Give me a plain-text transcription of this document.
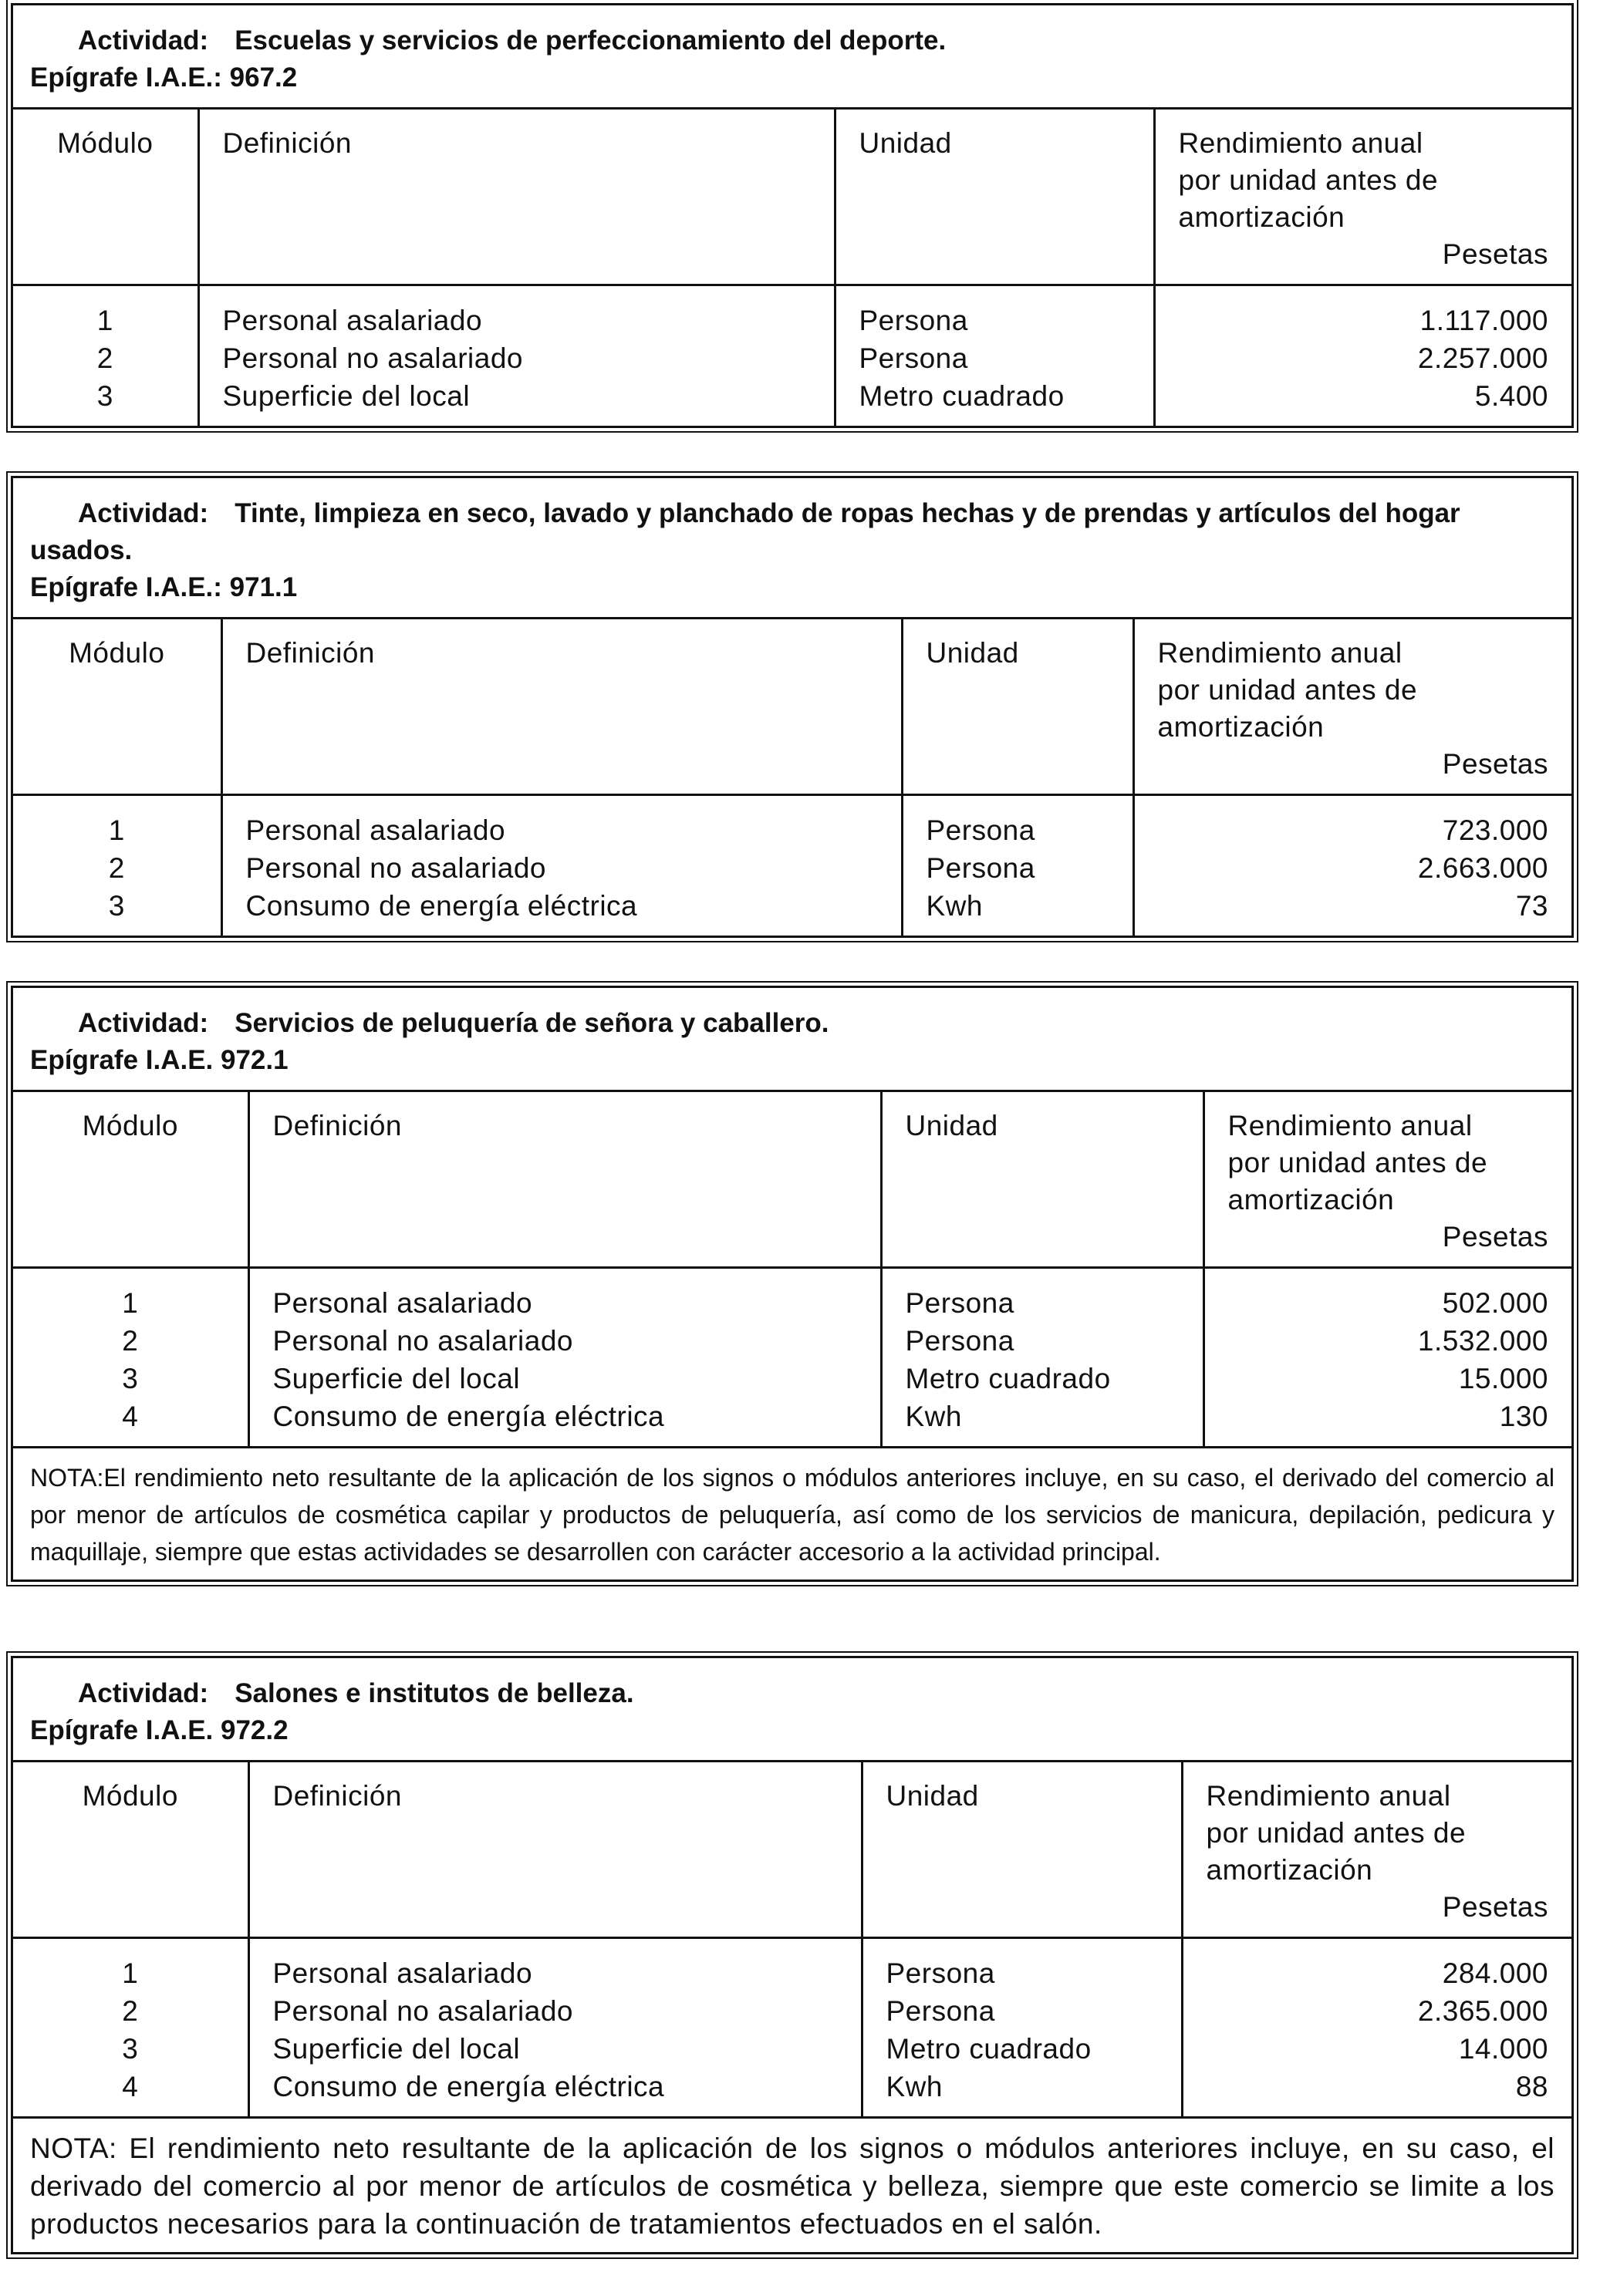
Actividad: Escuelas y servicios de perfeccionamiento del deporte.
Epígrafe I.A.E.: 967.2
Módulo	Definición	Unidad	Rendimiento anual
por unidad antes de
amortización
Pesetas

1	Personal asalariado	Persona	1.117.000
2	Personal no asalariado	Persona	2.257.000
3	Superficie del local	Metro cuadrado	5.400
Actividad: Tinte, limpieza en seco, lavado y planchado de ropas hechas y de prendas y artículos del hogar usados.
Epígrafe I.A.E.: 971.1
Módulo	Definición	Unidad	Rendimiento anual
por unidad antes de
amortización
Pesetas

1	Personal asalariado	Persona	723.000
2	Personal no asalariado	Persona	2.663.000
3	Consumo de energía eléctrica	Kwh	73
Actividad: Servicios de peluquería de señora y caballero.
Epígrafe I.A.E. 972.1
Módulo	Definición	Unidad	Rendimiento anual
por unidad antes de
amortización
Pesetas

1	Personal asalariado	Persona	502.000
2	Personal no asalariado	Persona	1.532.000
3	Superficie del local	Metro cuadrado	15.000
4	Consumo de energía eléctrica	Kwh	130
NOTA:El rendimiento neto resultante de la aplicación de los signos o módulos anteriores incluye, en su caso, el derivado del comercio al por menor de artículos de cosmética capilar y productos de peluquería, así como de los servicios de manicura, depilación, pedicura y maquillaje, siempre que estas actividades se desarrollen con carácter accesorio a la actividad principal.
Actividad: Salones e institutos de belleza.
Epígrafe I.A.E. 972.2
Módulo	Definición	Unidad	Rendimiento anual
por unidad antes de
amortización
Pesetas

1	Personal asalariado	Persona	284.000
2	Personal no asalariado	Persona	2.365.000
3	Superficie del local	Metro cuadrado	14.000
4	Consumo de energía eléctrica	Kwh	88
NOTA: El rendimiento neto resultante de la aplicación de los signos o módulos anteriores incluye, en su caso, el derivado del comercio al por menor de artículos de cosmética y belleza, siempre que este comercio se limite a los productos necesarios para la continuación de tratamientos efectuados en el salón.
